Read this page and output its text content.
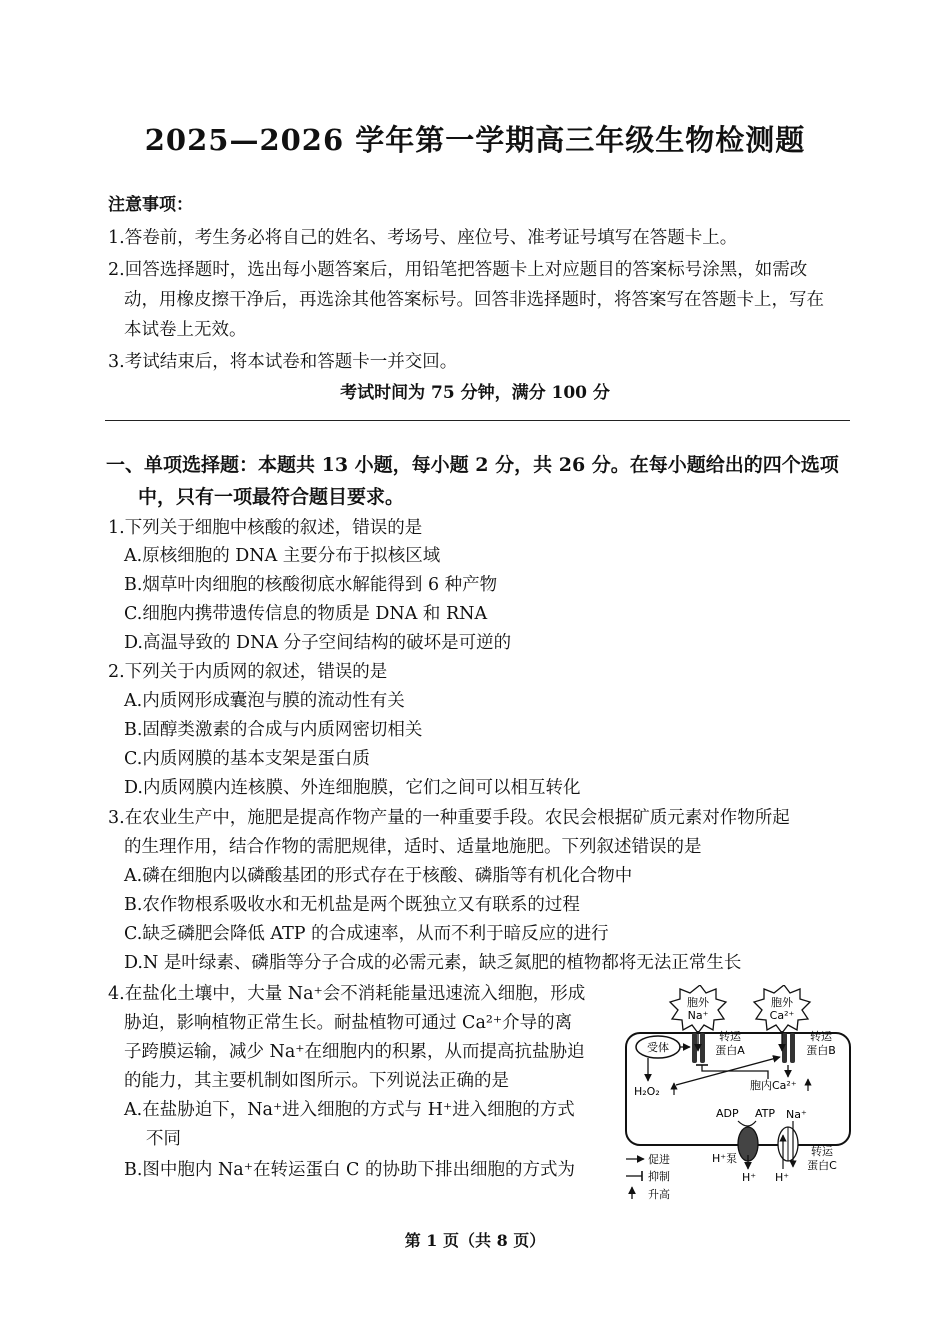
2025—2026 学年第一学期高三年级生物检测题
注意事项：
1.答卷前，考生务必将自己的姓名、考场号、座位号、准考证号填写在答题卡上。
2.回答选择题时，选出每小题答案后，用铅笔把答题卡上对应题目的答案标号涂黑，如需改
动，用橡皮擦干净后，再选涂其他答案标号。回答非选择题时，将答案写在答题卡上，写在
本试卷上无效。
3.考试结束后，将本试卷和答题卡一并交回。
考试时间为 75 分钟，满分 100 分
一、单项选择题：本题共 13 小题，每小题 2 分，共 26 分。在每小题给出的四个选项
中，只有一项最符合题目要求。
1.下列关于细胞中核酸的叙述，错误的是
A.原核细胞的 DNA 主要分布于拟核区域
B.烟草叶肉细胞的核酸彻底水解能得到 6 种产物
C.细胞内携带遗传信息的物质是 DNA 和 RNA
D.高温导致的 DNA 分子空间结构的破坏是可逆的
2.下列关于内质网的叙述，错误的是
A.内质网形成囊泡与膜的流动性有关
B.固醇类激素的合成与内质网密切相关
C.内质网膜的基本支架是蛋白质
D.内质网膜内连核膜、外连细胞膜，它们之间可以相互转化
3.在农业生产中，施肥是提高作物产量的一种重要手段。农民会根据矿质元素对作物所起
的生理作用，结合作物的需肥规律，适时、适量地施肥。下列叙述错误的是
A.磷在细胞内以磷酸基团的形式存在于核酸、磷脂等有机化合物中
B.农作物根系吸收水和无机盐是两个既独立又有联系的过程
C.缺乏磷肥会降低 ATP 的合成速率，从而不利于暗反应的进行
D.N 是叶绿素、磷脂等分子合成的必需元素，缺乏氮肥的植物都将无法正常生长
4.在盐化土壤中，大量 Na⁺会不消耗能量迅速流入细胞，形成
胁迫，影响植物正常生长。耐盐植物可通过 Ca²⁺介导的离
子跨膜运输，减少 Na⁺在细胞内的积累，从而提高抗盐胁迫
的能力，其主要机制如图所示。下列说法正确的是
A.在盐胁迫下，Na⁺进入细胞的方式与 H⁺进入细胞的方式
不同
B.图中胞内 Na⁺在转运蛋白 C 的协助下排出细胞的方式为
胞外
Na⁺
胞外
Ca²⁺
受体
转运
蛋白A
转运
蛋白B
H₂O₂	胞内Ca²⁺
ADP ATP Na⁺
H⁺泵
H⁺ H⁺
转运
蛋白C
促进
抑制
升高
第 1 页（共 8 页）
